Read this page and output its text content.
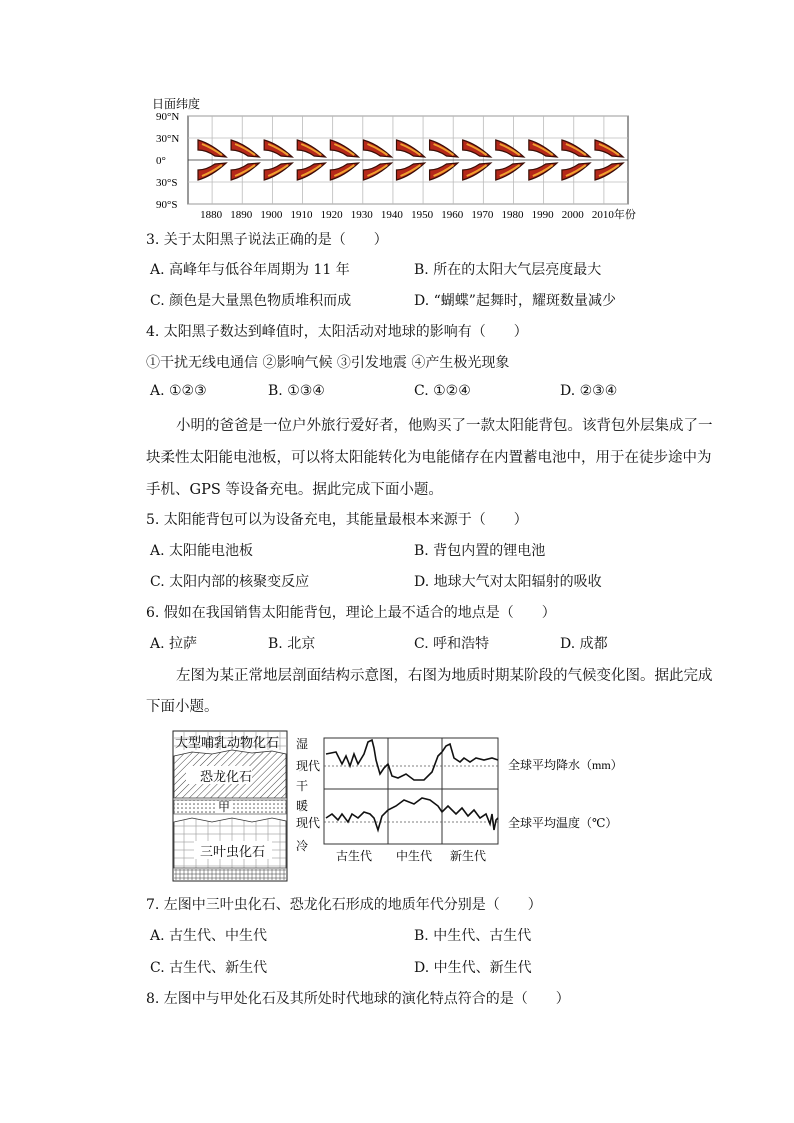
日面纬度
90°N
30°N
0°
30°S
90°S
1880 1890 1900 1910 1920 1930 1940 1950 1960 1970 1980 1990 2000 2010年份
3. 关于太阳黑子说法正确的是（　　）
A. 高峰年与低谷年周期为 11 年	B. 所在的太阳大气层亮度最大
C. 颜色是大量黑色物质堆积而成	D. “蝴蝶”起舞时，耀斑数量减少
4. 太阳黑子数达到峰值时，太阳活动对地球的影响有（　　）
①干扰无线电通信 ②影响气候 ③引发地震 ④产生极光现象
A. ①②③	B. ①③④	C. ①②④	D. ②③④
小明的爸爸是一位户外旅行爱好者，他购买了一款太阳能背包。该背包外层集成了一
块柔性太阳能电池板，可以将太阳能转化为电能储存在内置蓄电池中，用于在徒步途中为
手机、GPS 等设备充电。据此完成下面小题。
5. 太阳能背包可以为设备充电，其能量最根本来源于（　　）
A. 太阳能电池板	B. 背包内置的锂电池
C. 太阳内部的核聚变反应	D. 地球大气对太阳辐射的吸收
6. 假如在我国销售太阳能背包，理论上最不适合的地点是（　　）
A. 拉萨	B. 北京	C. 呼和浩特	D. 成都
左图为某正常地层剖面结构示意图，右图为地质时期某阶段的气候变化图。据此完成
下面小题。
大型哺乳动物化石
恐龙化石
甲
三叶虫化石
湿
现代
干
暖
现代
冷
全球平均降水（mm）
全球平均温度（℃）
古生代 中生代 新生代
7. 左图中三叶虫化石、恐龙化石形成的地质年代分别是（　　）
A. 古生代、中生代	B. 中生代、古生代
C. 古生代、新生代	D. 中生代、新生代
8. 左图中与甲处化石及其所处时代地球的演化特点符合的是（　　）
